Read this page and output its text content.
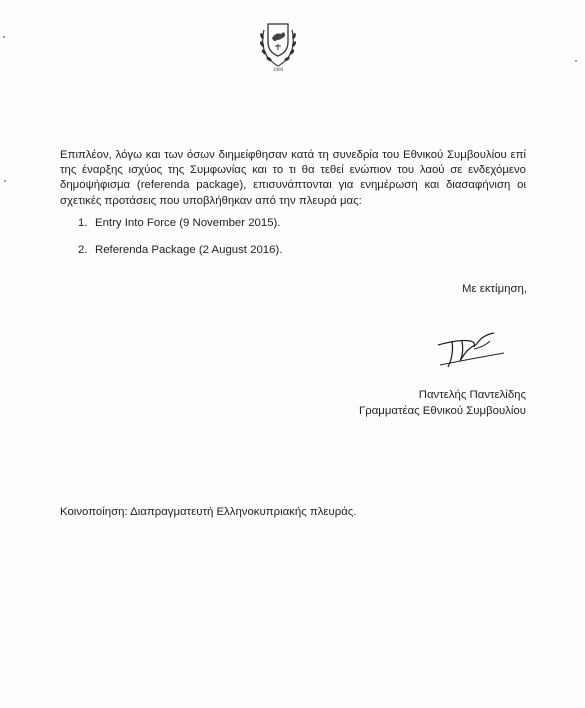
1960
Επιπλέον, λόγω και των όσων διημείφθησαν κατά τη συνεδρία του Εθνικού Συμβουλίου επί της έναρξης ισχύος της Συμφωνίας και το τι θα τεθεί ενώπιον του λαού σε ενδεχόμενο δημοψήφισμα (referenda package), επισυνάπτονται για ενημέρωση και διασαφήνιση οι σχετικές προτάσεις που υποβλήθηκαν από την πλευρά μας:
1. Entry Into Force (9 November 2015).
2. Referenda Package (2 August 2016).
Με εκτίμηση,
Παντελής Παντελίδης
Γραμματέας Εθνικού Συμβουλίου
Κοινοποίηση: Διαπραγματευτή Ελληνοκυπριακής πλευράς.
